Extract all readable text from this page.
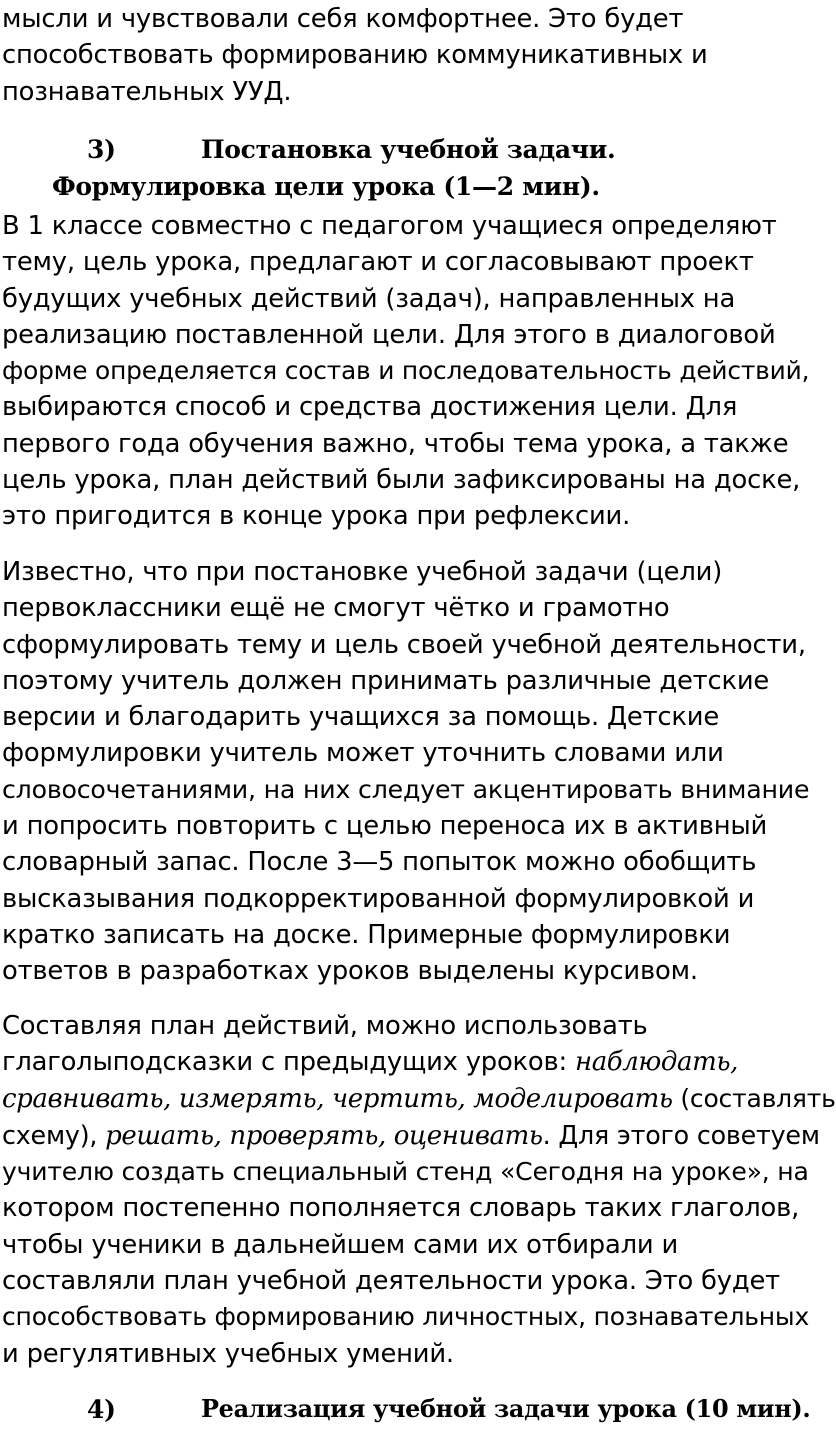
мысли и чувствовали себя комфортнее. Это будет
способствовать формированию коммуникативных и
познавательных УУД.
3)	Постановка учебной задачи.
Формулировка цели урока (1—2 мин).
В 1 классе совместно с педагогом учащиеся определяют
тему, цель урока, предлагают и согласовывают проект
будущих учебных действий (задач), направленных на
реализацию поставленной цели. Для этого в диалоговой
форме определяется состав и последовательность действий,
выбираются способ и средства достижения цели. Для
первого года обучения важно, чтобы тема урока, а также
цель урока, план действий были зафиксированы на доске,
это пригодится в конце урока при рефлексии.
Известно, что при постановке учебной задачи (цели)
первоклассники ещё не смогут чётко и грамотно
сформулировать тему и цель своей учебной деятельности,
поэтому учитель должен принимать различные детские
версии и благодарить учащихся за помощь. Детские
формулировки учитель может уточнить словами или
словосочетаниями, на них следует акцентировать внимание
и попросить повторить с целью переноса их в активный
словарный запас. После 3—5 попыток можно обобщить
высказывания подкорректированной формулировкой и
кратко записать на доске. Примерные формулировки
ответов в разработках уроков выделены курсивом.
Составляя план действий, можно использовать
глаголыподсказки с предыдущих уроков: наблюдать,
сравнивать, измерять, чертить, моделировать (составлять
схему), решать, проверять, оценивать. Для этого советуем
учителю создать специальный стенд «Сегодня на уроке», на
котором постепенно пополняется словарь таких глаголов,
чтобы ученики в дальнейшем сами их отбирали и
составляли план учебной деятельности урока. Это будет
способствовать формированию личностных, познавательных
и регулятивных учебных умений.
4)	Реализация учебной задачи урока (10 мин).
